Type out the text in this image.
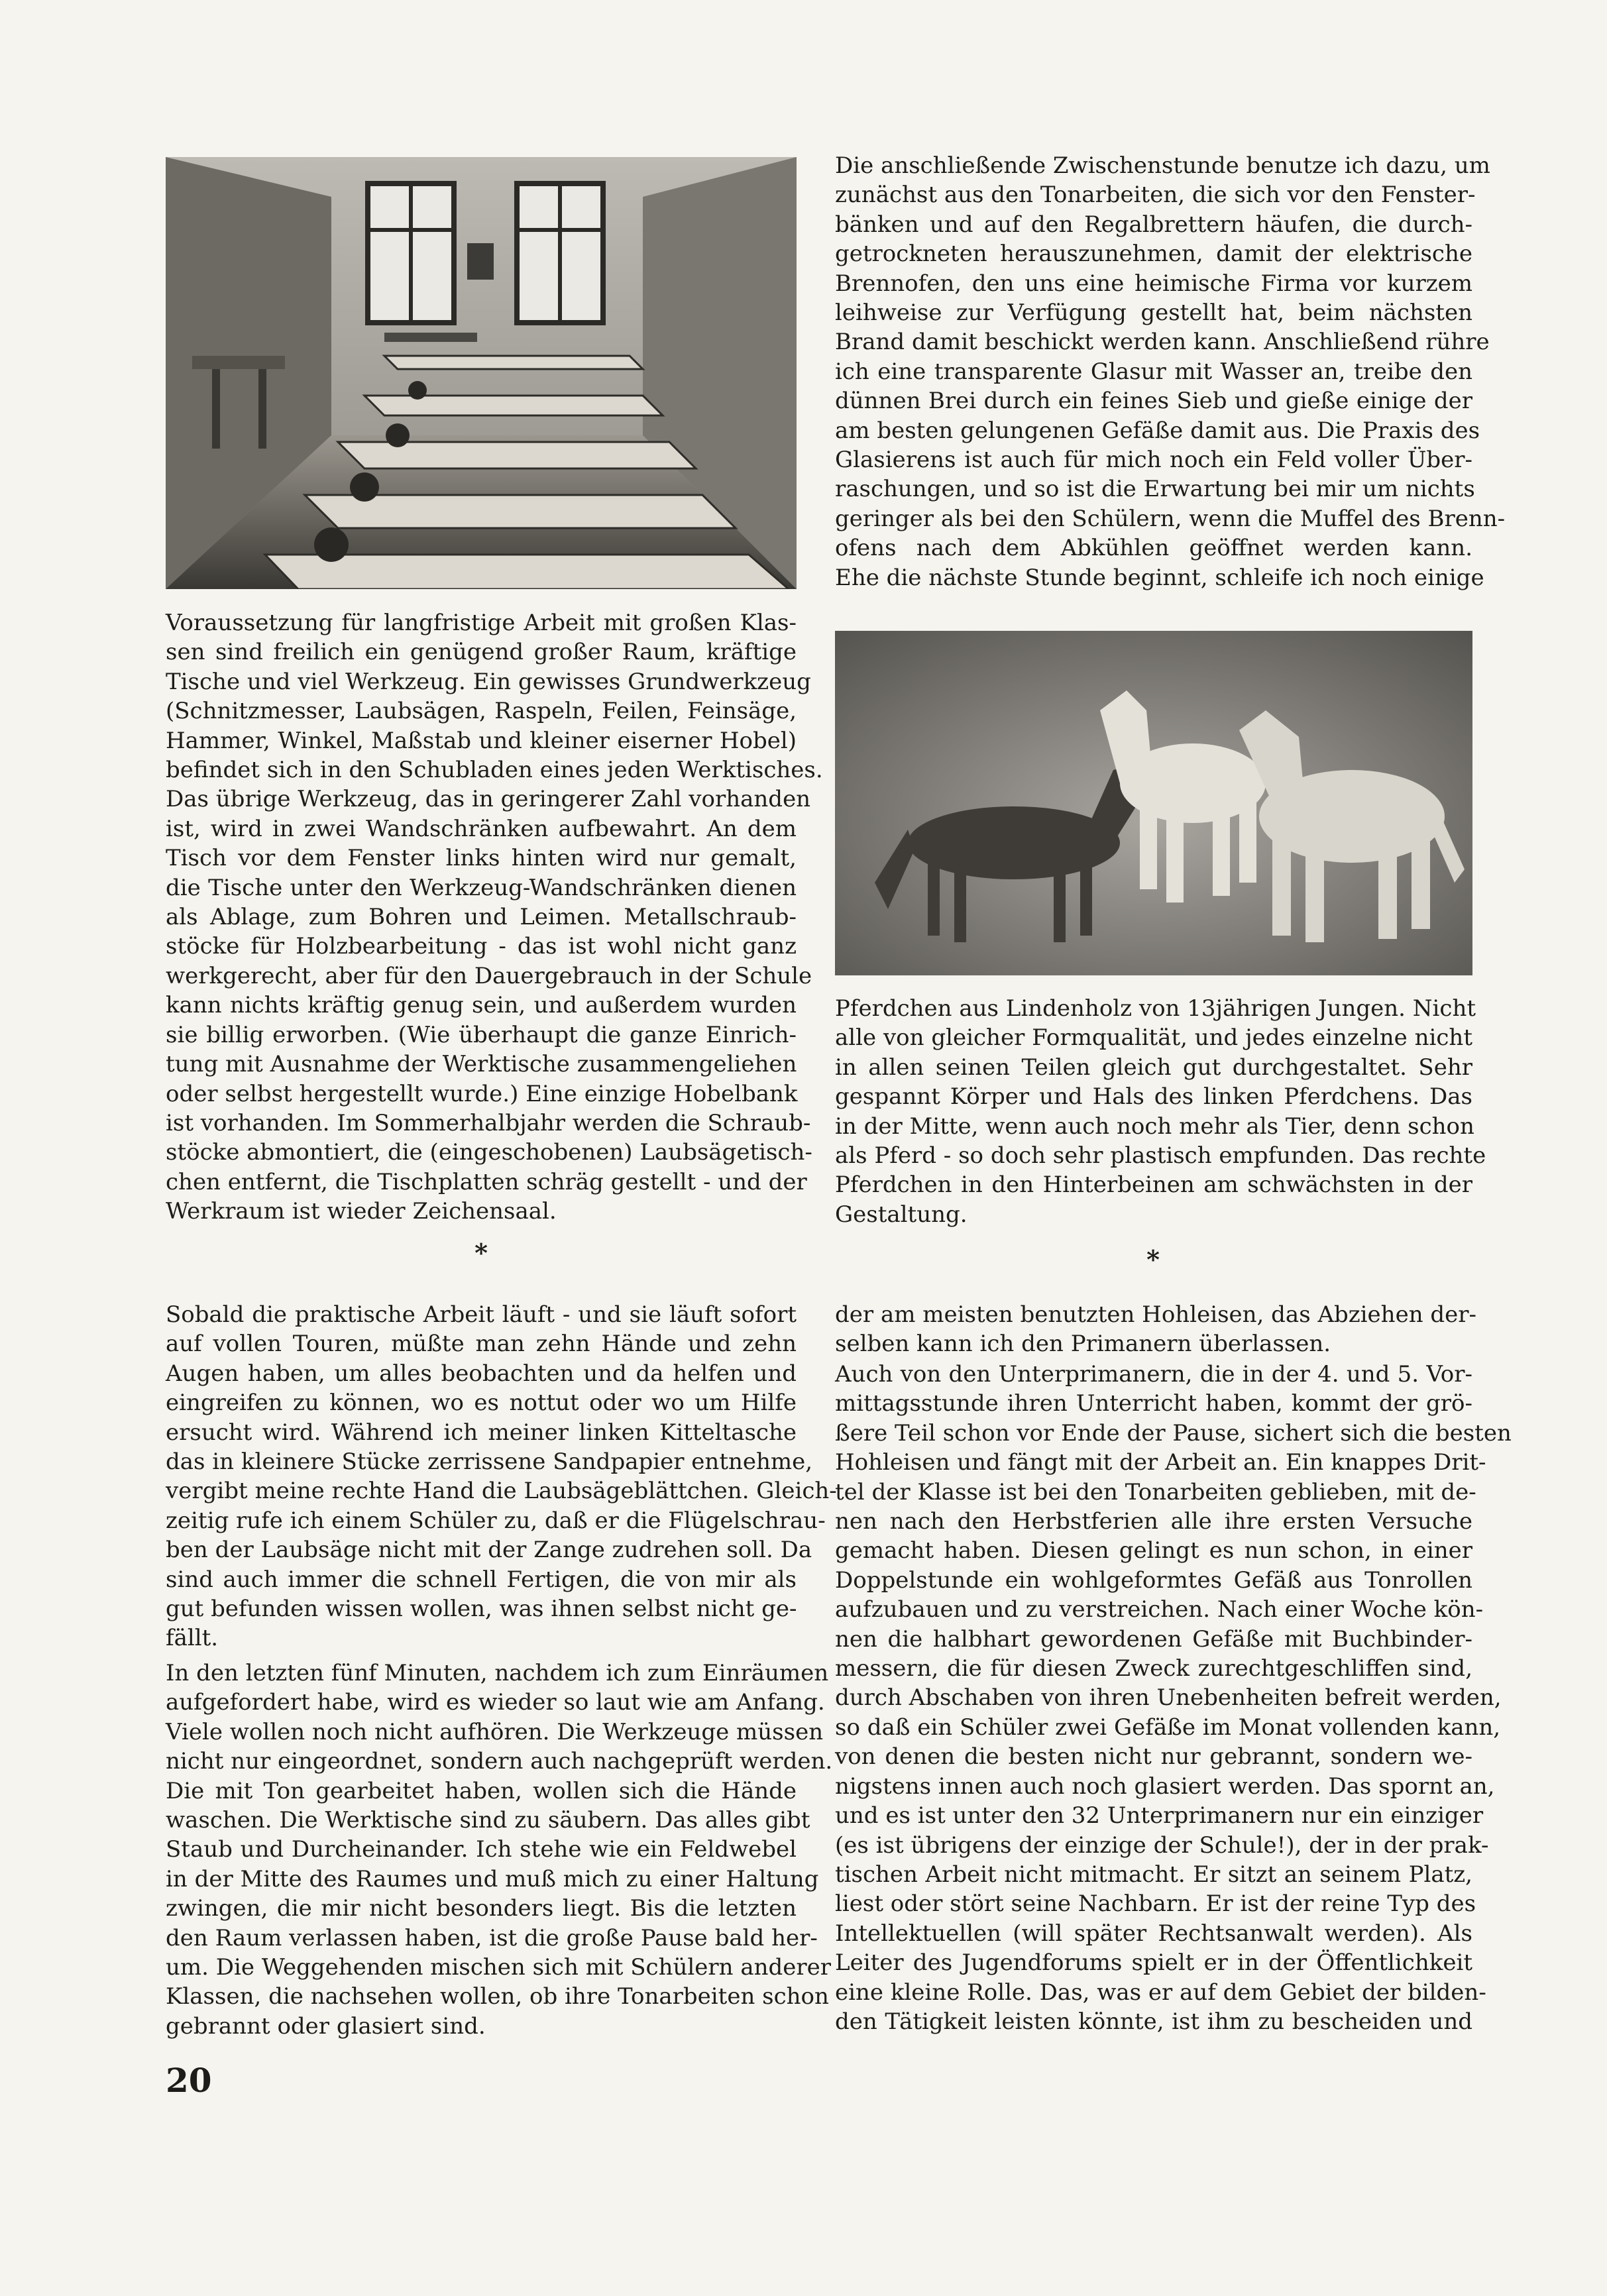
Die anschließende Zwischenstunde benutze ich dazu, um
zunächst aus den Tonarbeiten, die sich vor den Fenster-
bänken und auf den Regalbrettern häufen, die durch-
getrockneten herauszunehmen, damit der elektrische
Brennofen, den uns eine heimische Firma vor kurzem
leihweise zur Verfügung gestellt hat, beim nächsten
Brand damit beschickt werden kann. Anschließend rühre
ich eine transparente Glasur mit Wasser an, treibe den
dünnen Brei durch ein feines Sieb und gieße einige der
am besten gelungenen Gefäße damit aus. Die Praxis des
Glasierens ist auch für mich noch ein Feld voller Über-
raschungen, und so ist die Erwartung bei mir um nichts
geringer als bei den Schülern, wenn die Muffel des Brenn-
ofens nach dem Abkühlen geöffnet werden kann.
Ehe die nächste Stunde beginnt, schleife ich noch einige
Voraussetzung für langfristige Arbeit mit großen Klas-
sen sind freilich ein genügend großer Raum, kräftige
Tische und viel Werkzeug. Ein gewisses Grundwerkzeug
(Schnitzmesser, Laubsägen, Raspeln, Feilen, Feinsäge,
Hammer, Winkel, Maßstab und kleiner eiserner Hobel)
befindet sich in den Schubladen eines jeden Werktisches.
Das übrige Werkzeug, das in geringerer Zahl vorhanden
ist, wird in zwei Wandschränken aufbewahrt. An dem
Tisch vor dem Fenster links hinten wird nur gemalt,
die Tische unter den Werkzeug-Wandschränken dienen
als Ablage, zum Bohren und Leimen. Metallschraub-
stöcke für Holzbearbeitung - das ist wohl nicht ganz
werkgerecht, aber für den Dauergebrauch in der Schule
kann nichts kräftig genug sein, und außerdem wurden
sie billig erworben. (Wie überhaupt die ganze Einrich-
tung mit Ausnahme der Werktische zusammengeliehen
oder selbst hergestellt wurde.) Eine einzige Hobelbank
ist vorhanden. Im Sommerhalbjahr werden die Schraub-
stöcke abmontiert, die (eingeschobenen) Laubsägetisch-
chen entfernt, die Tischplatten schräg gestellt - und der
Werkraum ist wieder Zeichensaal.
Pferdchen aus Lindenholz von 13jährigen Jungen. Nicht
alle von gleicher Formqualität, und jedes einzelne nicht
in allen seinen Teilen gleich gut durchgestaltet. Sehr
gespannt Körper und Hals des linken Pferdchens. Das
in der Mitte, wenn auch noch mehr als Tier, denn schon
als Pferd - so doch sehr plastisch empfunden. Das rechte
Pferdchen in den Hinterbeinen am schwächsten in der
Gestaltung.
*	*
Sobald die praktische Arbeit läuft - und sie läuft sofort
auf vollen Touren, müßte man zehn Hände und zehn
Augen haben, um alles beobachten und da helfen und
eingreifen zu können, wo es nottut oder wo um Hilfe
ersucht wird. Während ich meiner linken Kitteltasche
das in kleinere Stücke zerrissene Sandpapier entnehme,
vergibt meine rechte Hand die Laubsägeblättchen. Gleich-
zeitig rufe ich einem Schüler zu, daß er die Flügelschrau-
ben der Laubsäge nicht mit der Zange zudrehen soll. Da
sind auch immer die schnell Fertigen, die von mir als
gut befunden wissen wollen, was ihnen selbst nicht ge-
fällt.
In den letzten fünf Minuten, nachdem ich zum Einräumen
aufgefordert habe, wird es wieder so laut wie am Anfang.
Viele wollen noch nicht aufhören. Die Werkzeuge müssen
nicht nur eingeordnet, sondern auch nachgeprüft werden.
Die mit Ton gearbeitet haben, wollen sich die Hände
waschen. Die Werktische sind zu säubern. Das alles gibt
Staub und Durcheinander. Ich stehe wie ein Feldwebel
in der Mitte des Raumes und muß mich zu einer Haltung
zwingen, die mir nicht besonders liegt. Bis die letzten
den Raum verlassen haben, ist die große Pause bald her-
um. Die Weggehenden mischen sich mit Schülern anderer
Klassen, die nachsehen wollen, ob ihre Tonarbeiten schon
gebrannt oder glasiert sind.
der am meisten benutzten Hohleisen, das Abziehen der-
selben kann ich den Primanern überlassen.
Auch von den Unterprimanern, die in der 4. und 5. Vor-
mittagsstunde ihren Unterricht haben, kommt der grö-
ßere Teil schon vor Ende der Pause, sichert sich die besten
Hohleisen und fängt mit der Arbeit an. Ein knappes Drit-
tel der Klasse ist bei den Tonarbeiten geblieben, mit de-
nen nach den Herbstferien alle ihre ersten Versuche
gemacht haben. Diesen gelingt es nun schon, in einer
Doppelstunde ein wohlgeformtes Gefäß aus Tonrollen
aufzubauen und zu verstreichen. Nach einer Woche kön-
nen die halbhart gewordenen Gefäße mit Buchbinder-
messern, die für diesen Zweck zurechtgeschliffen sind,
durch Abschaben von ihren Unebenheiten befreit werden,
so daß ein Schüler zwei Gefäße im Monat vollenden kann,
von denen die besten nicht nur gebrannt, sondern we-
nigstens innen auch noch glasiert werden. Das spornt an,
und es ist unter den 32 Unterprimanern nur ein einziger
(es ist übrigens der einzige der Schule!), der in der prak-
tischen Arbeit nicht mitmacht. Er sitzt an seinem Platz,
liest oder stört seine Nachbarn. Er ist der reine Typ des
Intellektuellen (will später Rechtsanwalt werden). Als
Leiter des Jugendforums spielt er in der Öffentlichkeit
eine kleine Rolle. Das, was er auf dem Gebiet der bilden-
den Tätigkeit leisten könnte, ist ihm zu bescheiden und
20
